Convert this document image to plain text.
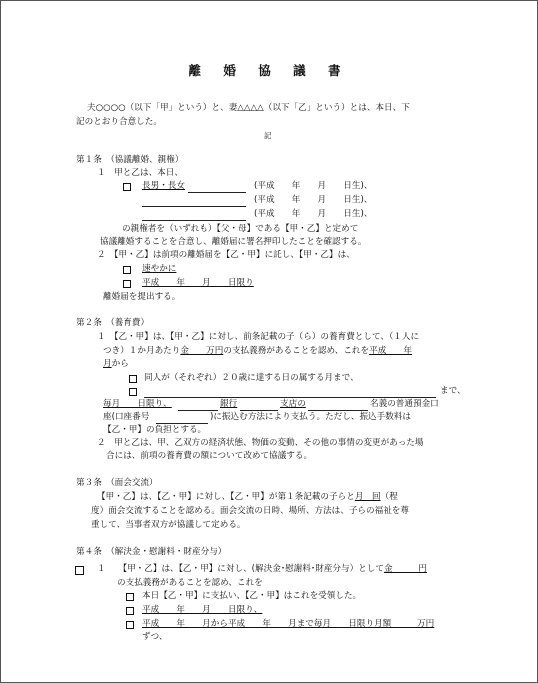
離 婚 協 議 書
夫○○○○（以下「甲」という）と、妻△△△△（以下「乙」という）とは、本日、下
記のとおり合意した。
記
第１条　（協議離婚、親権）
１　甲と乙は、本日、
長男・長女	(平成　　年　　月　　日生)、
(平成　　年　　月　　日生)、
(平成　　年　　月　　日生)、
の親権者を（いずれも）【父・母】である【甲・乙】と定めて
協議離婚することを合意し、離婚届に署名押印したことを確認する。
２　【甲・乙】は前項の離婚届を【乙・甲】に託し、【甲・乙】は、
速やかに
平成　　年　　月　　日限り
離婚届を提出する。
第２条　（養育費）
１　【乙・甲】は、【甲・乙】に対し、前条記載の子（ら）の養育費として、（１人に
つき）１か月あたり金　　万円の支払義務があることを認め、これを平成　　年
月から
同人が（それぞれ）２０歳に達する日の属する月まで、
まで、
毎月　　日限り、	銀行	支店の	名義の普通預金口
座(口座番号	)に振込む方法により支払う。ただし、振込手数料は
【乙・甲】の負担とする。
２　甲と乙は、甲、乙双方の経済状態、物価の変動、その他の事情の変更があった場
合には、前項の養育費の額について改めて協議する。
第３条　（面会交流）
【甲・乙】は、【乙・甲】に対し、【乙・甲】が第１条記載の子らと月　回（程
度）面会交流することを認める。面会交流の日時、場所、方法は、子らの福祉を尊
重して、当事者双方が協議して定める。
第４条　（解決金・慰謝料・財産分与）
１　　【甲・乙】は、【乙・甲】に対し、(解決金･慰謝料･財産分与）として金　　　円
の支払義務があることを認め、これを
本日【乙・甲】に支払い、【乙・甲】はこれを受領した。
平成　　年　　月　　日限り、
平成　　年　　月から平成　　年　　月まで毎月　　日限り月額　　　万円
ずつ、
